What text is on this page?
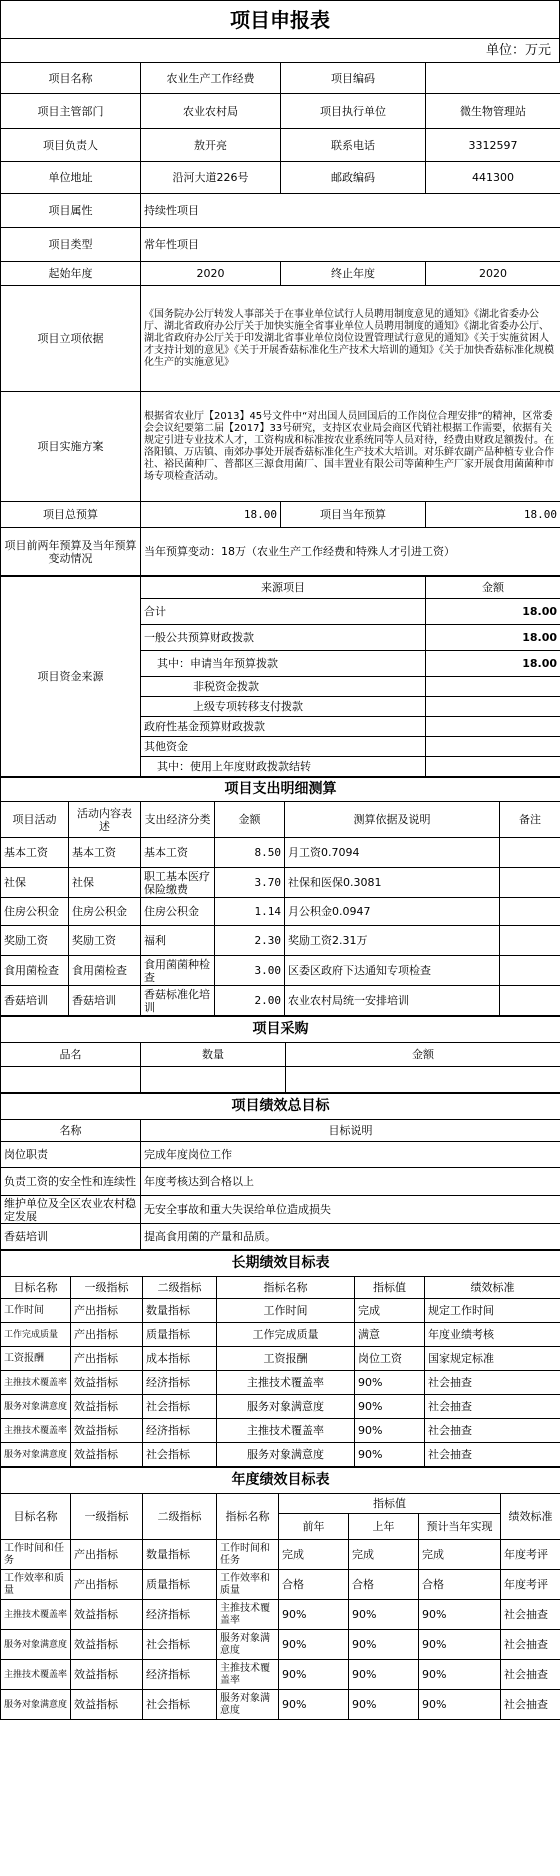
项目申报表
单位：万元
项目名称	农业生产工作经费	项目编码	
项目主管部门	农业农村局	项目执行单位	微生物管理站
项目负责人	敖开亮	联系电话	3312597
单位地址	沿河大道226号	邮政编码	441300
项目属性	持续性项目		
项目类型	常年性项目		
起始年度	2020	终止年度	2020
项目立项依据	《国务院办公厅转发人事部关于在事业单位试行人员聘用制度意见的通知》《湖北省委办公厅、湖北省政府办公厅关于加快实施全省事业单位人员聘用制度的通知》《湖北省委办公厅、湖北省政府办公厅关于印发湖北省事业单位岗位设置管理试行意见的通知》《关于实施贫困人才支持计划的意见》《关于开展香菇标准化生产技术大培训的通知》《关于加快香菇标准化规模化生产的实施意见》		
项目实施方案	根据省农业厅【2013】45号文件中“对出国人员回国后的工作岗位合理安排”的精神，区常委会会议纪要第二届【2017】33号研究，支持区农业局会商区代销社根据工作需要，依据有关规定引进专业技术人才，工资构成和标准按农业系统同等人员对待，经费由财政足额拨付。在洛阳镇、万店镇、南郊办事处开展香菇标准化生产技术大培训。对乐鲜农副产品种植专业合作社、裕民菌种厂、普都区三源食用菌厂、国丰置业有限公司等菌种生产厂家开展食用菌菌种市场专项检查活动。		
项目总预算	18.00	项目当年预算	18.00
项目前两年预算及当年预算变动情况	当年预算变动：18万（农业生产工作经费和特殊人才引进工资）		
项目资金来源	来源项目	金额
	合计	18.00
	一般公共预算财政拨款	18.00
	其中：申请当年预算拨款	18.00
	非税资金拨款	
	上级专项转移支付拨款	
	政府性基金预算财政拨款	
	其他资金	
	其中：使用上年度财政拨款结转	
项目支出明细测算					
项目活动	活动内容表述	支出经济分类	金额	测算依据及说明	备注
基本工资	基本工资	基本工资	8.50	月工资0.7094	
社保	社保	职工基本医疗保险缴费	3.70	社保和医保0.3081	
住房公积金	住房公积金	住房公积金	1.14	月公积金0.0947	
奖励工资	奖励工资	福利	2.30	奖励工资2.31万	
食用菌检查	食用菌检查	食用菌菌种检查	3.00	区委区政府下达通知专项检查	
香菇培训	香菇培训	香菇标准化培训	2.00	农业农村局统一安排培训	
项目采购		
品名	数量	金额

项目绩效总目标	
名称	目标说明
岗位职责	完成年度岗位工作
负责工资的安全性和连续性	年度考核达到合格以上
维护单位及全区农业农村稳定发展	无安全事故和重大失误给单位造成损失
香菇培训	提高食用菌的产量和品质。
长期绩效目标表					
目标名称	一级指标	二级指标	指标名称	指标值	绩效标准
工作时间	产出指标	数量指标	工作时间	完成	规定工作时间
工作完成质量	产出指标	质量指标	工作完成质量	满意	年度业绩考核
工资报酬	产出指标	成本指标	工资报酬	岗位工资	国家规定标准
主推技术覆盖率	效益指标	经济指标	主推技术覆盖率	90%	社会抽查
服务对象满意度	效益指标	社会指标	服务对象满意度	90%	社会抽查
主推技术覆盖率	效益指标	经济指标	主推技术覆盖率	90%	社会抽查
服务对象满意度	效益指标	社会指标	服务对象满意度	90%	社会抽查
年度绩效目标表							
目标名称	一级指标	二级指标	指标名称	指标值			绩效标准
				前年	上年	预计当年实现	
工作时间和任务	产出指标	数量指标	工作时间和任务	完成	完成	完成	年度考评
工作效率和质量	产出指标	质量指标	工作效率和质量	合格	合格	合格	年度考评
主推技术覆盖率	效益指标	经济指标	主推技术覆盖率	90%	90%	90%	社会抽查
服务对象满意度	效益指标	社会指标	服务对象满意度	90%	90%	90%	社会抽查
主推技术覆盖率	效益指标	经济指标	主推技术覆盖率	90%	90%	90%	社会抽查
服务对象满意度	效益指标	社会指标	服务对象满意度	90%	90%	90%	社会抽查
